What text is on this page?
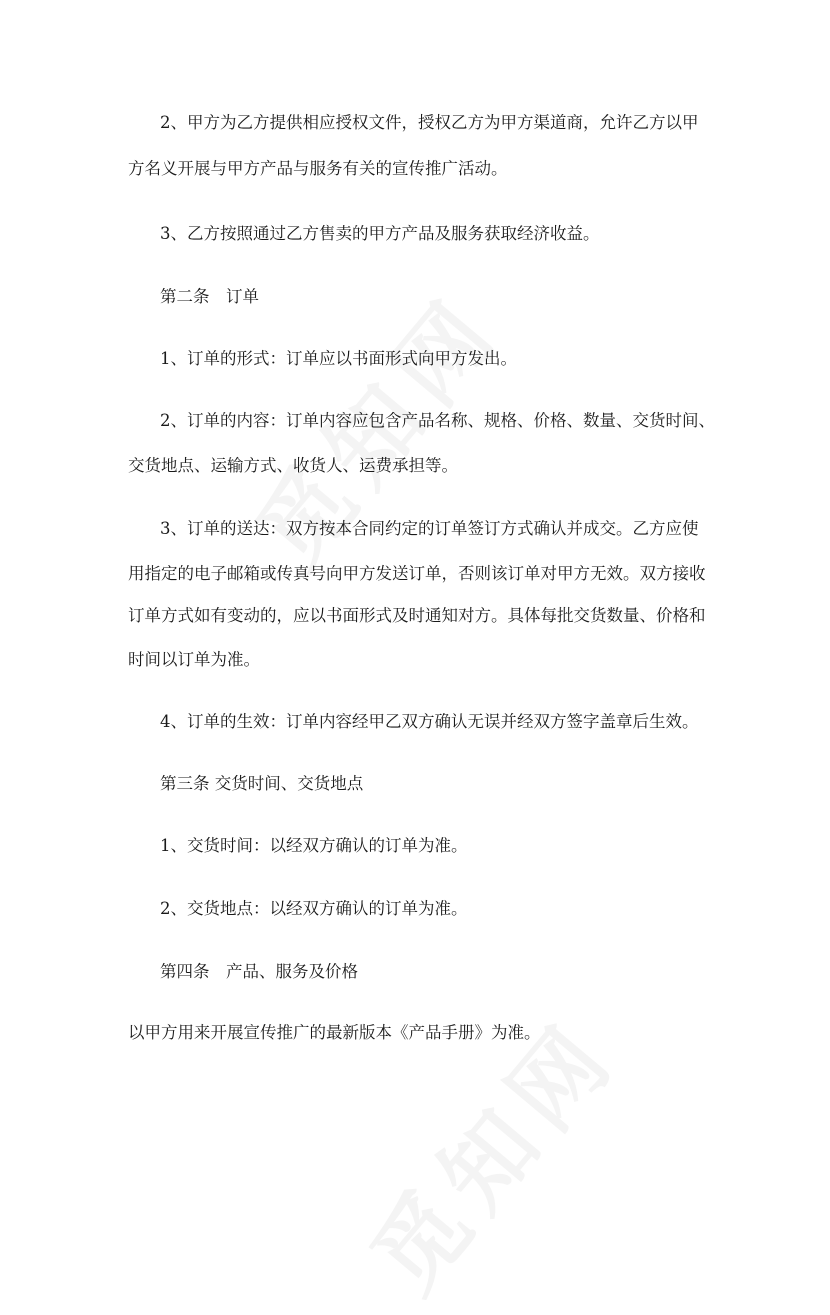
2、甲方为乙方提供相应授权文件，授权乙方为甲方渠道商，允许乙方以甲
方名义开展与甲方产品与服务有关的宣传推广活动。
3、乙方按照通过乙方售卖的甲方产品及服务获取经济收益。
第二条　订单
1、订单的形式：订单应以书面形式向甲方发出。
2、订单的内容：订单内容应包含产品名称、规格、价格、数量、交货时间、
交货地点、运输方式、收货人、运费承担等。
3、订单的送达：双方按本合同约定的订单签订方式确认并成交。乙方应使
用指定的电子邮箱或传真号向甲方发送订单，否则该订单对甲方无效。双方接收
订单方式如有变动的，应以书面形式及时通知对方。具体每批交货数量、价格和
时间以订单为准。
4、订单的生效：订单内容经甲乙双方确认无误并经双方签字盖章后生效。
第三条 交货时间、交货地点
1、交货时间：以经双方确认的订单为准。
2、交货地点：以经双方确认的订单为准。
第四条　产品、服务及价格
以甲方用来开展宣传推广的最新版本《产品手册》为准。
